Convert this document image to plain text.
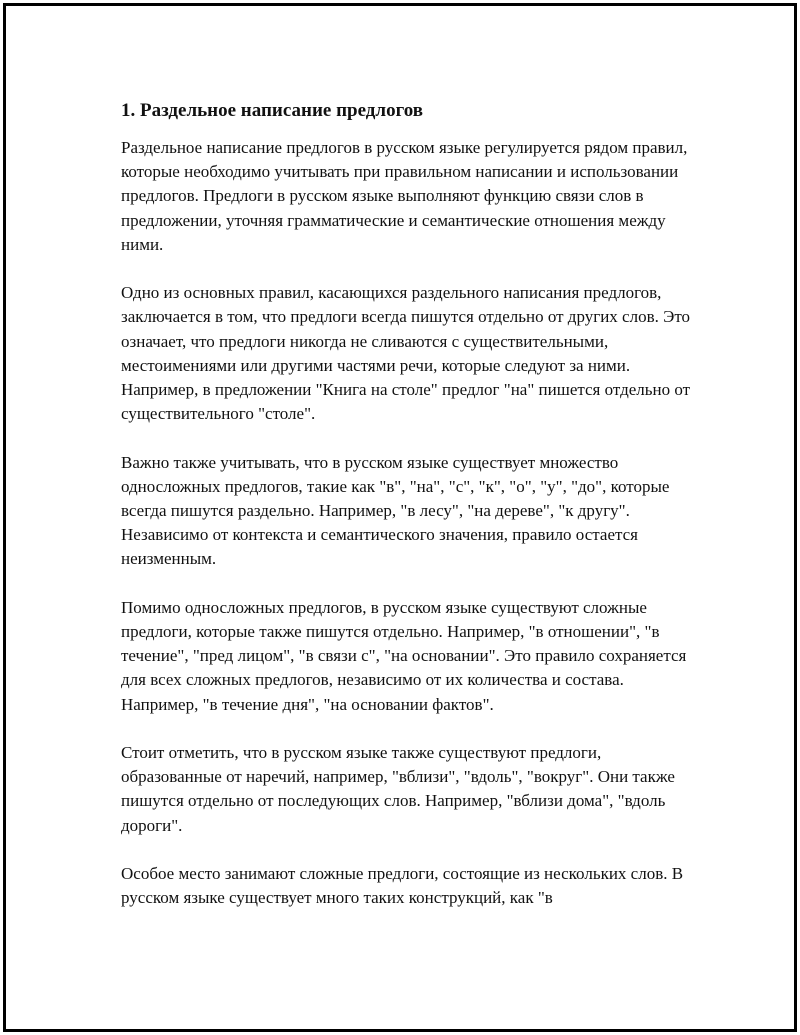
1. Раздельное написание предлогов

Раздельное написание предлогов в русском языке регулируется рядом правил, которые необходимо учитывать при правильном написании и использовании предлогов. Предлоги в русском языке выполняют функцию связи слов в предложении, уточняя грамматические и семантические отношения между ними.

Одно из основных правил, касающихся раздельного написания предлогов, заключается в том, что предлоги всегда пишутся отдельно от других слов. Это означает, что предлоги никогда не сливаются с существительными, местоимениями или другими частями речи, которые следуют за ними. Например, в предложении "Книга на столе" предлог "на" пишется отдельно от существительного "столе".

Важно также учитывать, что в русском языке существует множество односложных предлогов, такие как "в", "на", "с", "к", "о", "у", "до", которые всегда пишутся раздельно. Например, "в лесу", "на дереве", "к другу". Независимо от контекста и семантического значения, правило остается неизменным.

Помимо односложных предлогов, в русском языке существуют сложные предлоги, которые также пишутся отдельно. Например, "в отношении", "в течение", "пред лицом", "в связи с", "на основании". Это правило сохраняется для всех сложных предлогов, независимо от их количества и состава. Например, "в течение дня", "на основании фактов".

Стоит отметить, что в русском языке также существуют предлоги, образованные от наречий, например, "вблизи", "вдоль", "вокруг". Они также пишутся отдельно от последующих слов. Например, "вблизи дома", "вдоль дороги".

Особое место занимают сложные предлоги, состоящие из нескольких слов. В русском языке существует много таких конструкций, как "в
